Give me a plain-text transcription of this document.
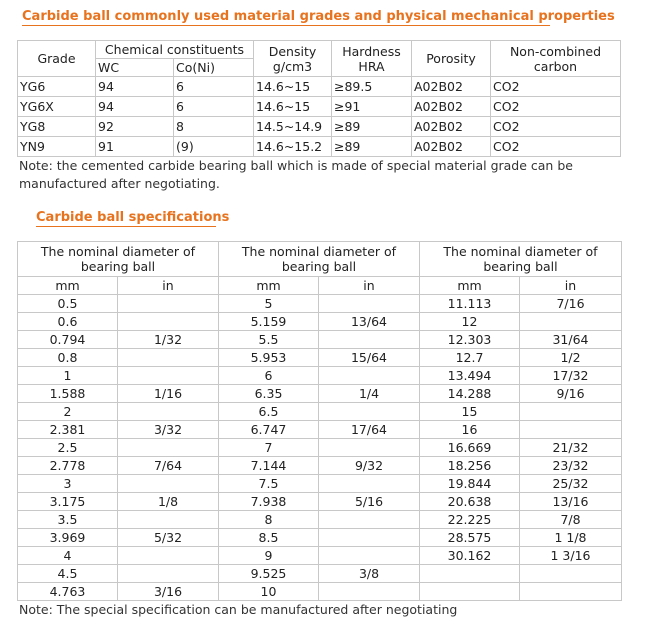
Carbide ball commonly used material grades and physical mechanical properties
Grade	Chemical constituents		Density g/cm3	Hardness HRA	Porosity	Non-combined carbon
	WC	Co(Ni)				
YG6	94	6	14.6~15	≥89.5	A02B02	CO2
YG6X	94	6	14.6~15	≥91	A02B02	CO2
YG8	92	8	14.5~14.9	≥89	A02B02	CO2
YN9	91	(9)	14.6~15.2	≥89	A02B02	CO2
Note: the cemented carbide bearing ball which is made of special material grade can be manufactured after negotiating.
Carbide ball specifications
The nominal diameter of bearing ball		The nominal diameter of bearing ball		The nominal diameter of bearing ball	
mm	in	mm	in	mm	in
0.5		5		11.113	7/16
0.6		5.159	13/64	12	
0.794	1/32	5.5		12.303	31/64
0.8		5.953	15/64	12.7	1/2
1		6		13.494	17/32
1.588	1/16	6.35	1/4	14.288	9/16
2		6.5		15	
2.381	3/32	6.747	17/64	16	
2.5		7		16.669	21/32
2.778	7/64	7.144	9/32	18.256	23/32
3		7.5		19.844	25/32
3.175	1/8	7.938	5/16	20.638	13/16
3.5		8		22.225	7/8
3.969	5/32	8.5		28.575	1 1/8
4		9		30.162	1 3/16
4.5		9.525	3/8		
4.763	3/16	10			
Note: The special specification can be manufactured after negotiating
